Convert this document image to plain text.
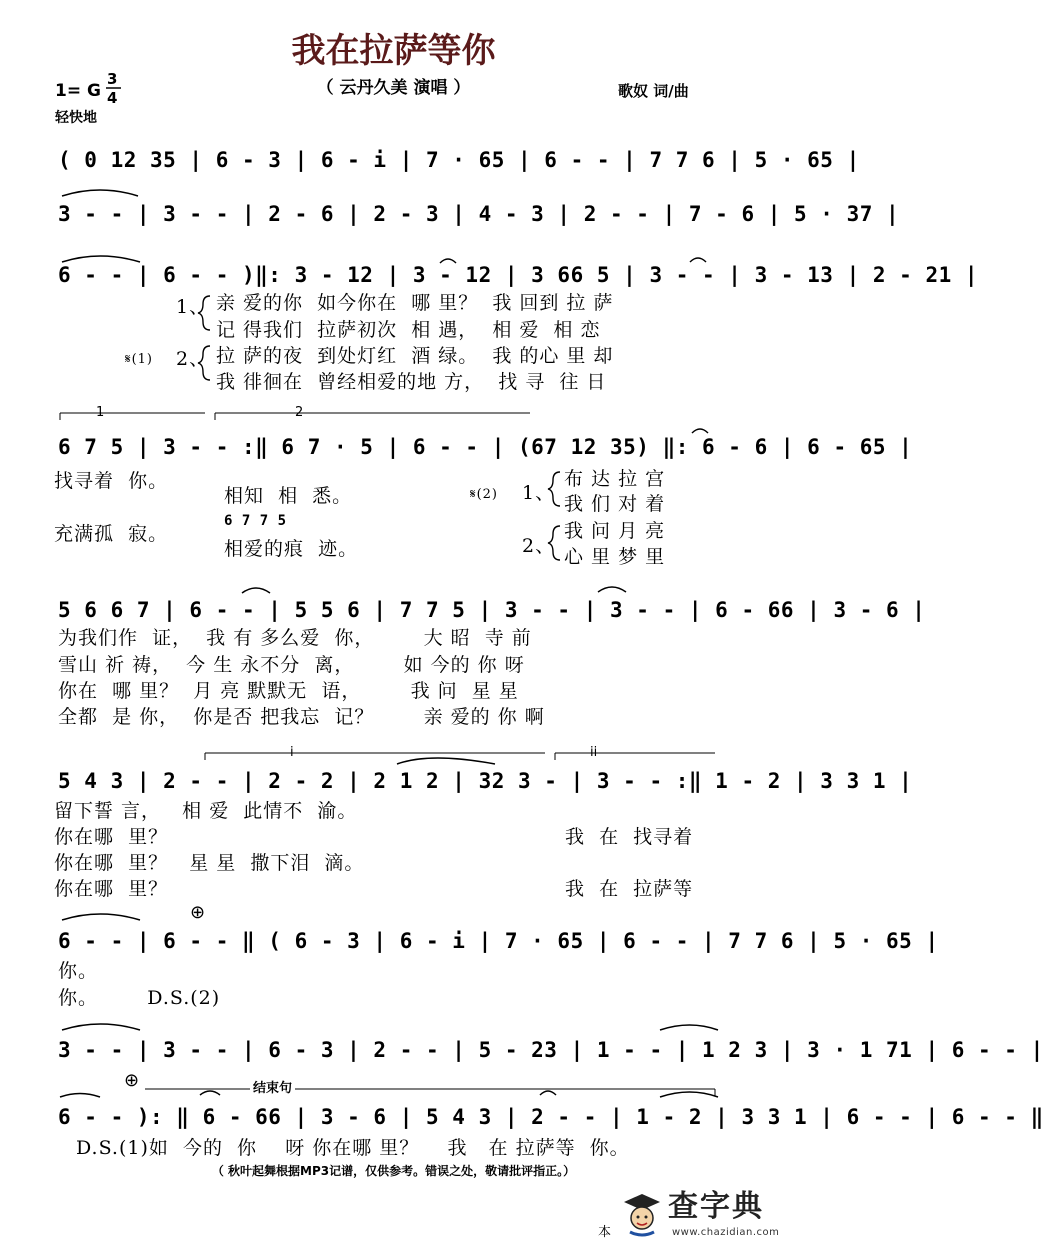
我在拉萨等你
（ 云丹久美 演唱 ）
1= G
3
4
轻快地
歌奴 词/曲
( 0 12 35 | 6 - 3 | 6 - i | 7 · 65 | 6 - - | 7 7 6 | 5 · 65 |
3 - - | 3 - - | 2 - 6 | 2 - 3 | 4 - 3 | 2 - - | 7 - 6 | 5 · 37 |
6 - - | 6 - - )‖: 3 - 12 | 3 - 12 | 3 66 5 | 3 - - | 3 - 13 | 2 - 21 |
1、
𝄋(1) 2、
亲 爱的你  如今你在  哪 里？  我 回到 拉 萨
记 得我们  拉萨初次  相 遇，  相 爱  相 恋
拉 萨的夜  到处灯红  酒 绿。  我 的心 里 却
我 徘徊在  曾经相爱的地 方，  找 寻  往 日
1	2
6 7 5 | 3 - - :‖ 6 7 · 5 | 6 - - | (67 12 35) ‖: 6 - 6 | 6 - 65 |
找寻着  你。
充满孤  寂。
相知  相  悉。
6 7 7 5
相爱的痕  迹。
𝄋(2) 1、
2、
布 达 拉 宫
我 们 对 着
我 问 月 亮
心 里 梦 里
5 6 6 7 | 6 - - | 5 5 6 | 7 7 5 | 3 - - | 3 - - | 6 - 66 | 3 - 6 |
为我们作  证，  我 有 多么爱  你，       大 昭  寺 前
雪山 祈 祷，  今 生 永不分  离，       如 今的 你 呀
你在  哪 里？  月 亮 默默无  语，       我 问  星 星
全都  是 你，  你是否 把我忘  记？       亲 爱的 你 啊
i	ii
5 4 3 | 2 - - | 2 - 2 | 2 1 2 | 32 3 - | 3 - - :‖ 1 - 2 | 3 3 1 |
留下誓 言，   相 爱  此情不  渝。
你在哪  里？
你在哪  里？   星 星  撒下泪  滴。
你在哪  里？
我  在  找寻着
我  在  拉萨等
⊕
6 - - | 6 - - ‖ ( 6 - 3 | 6 - i | 7 · 65 | 6 - - | 7 7 6 | 5 · 65 |
你。
你。       D.S.(2)
3 - - | 3 - - | 6 - 3 | 2 - - | 5 - 23 | 1 - - | 1 2 3 | 3 · 1 71 | 6 - - |
⊕	结束句
6 - - ): ‖ 6 - 66 | 3 - 6 | 5 4 3 | 2 - - | 1 - 2 | 3 3 1 | 6 - - | 6 - - ‖
D.S.(1)如  今的  你    呀 你在哪 里？    我   在 拉萨等  你。
（ 秋叶起舞根据MP3记谱，仅供参考。错误之处，敬请批评指正。）
本

查字典

www.chazidian.com
